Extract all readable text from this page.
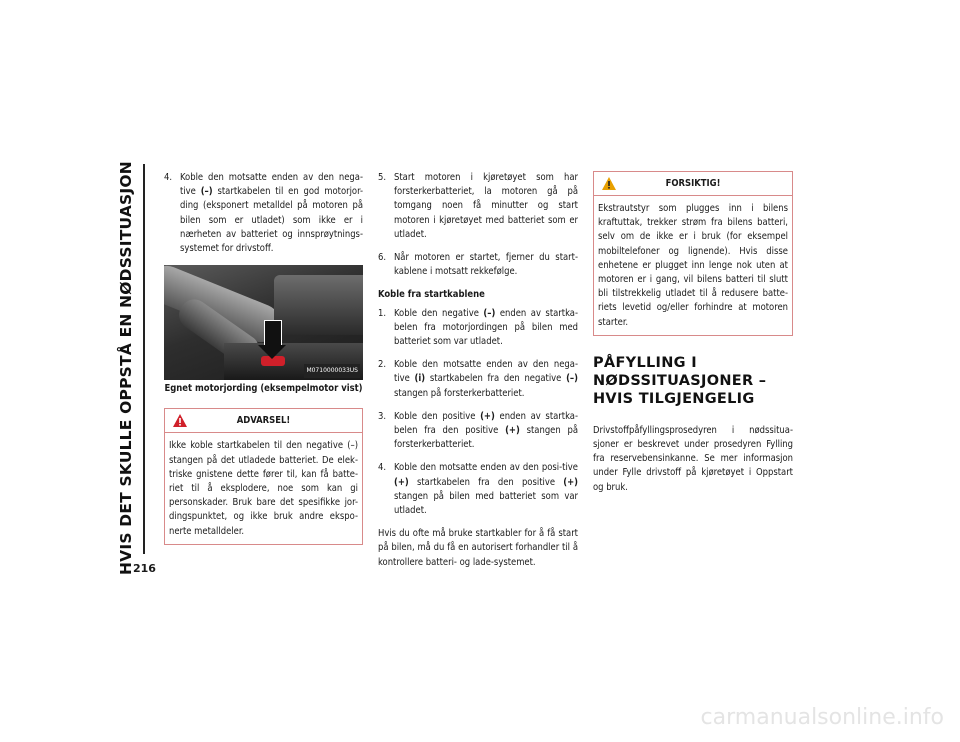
HVIS DET SKULLE OPPSTÅ EN NØDSSITUASJON
216
4. Koble den motsatte enden av den nega-tive (–) startkabelen til en god motorjor-ding (eksponert metalldel på motoren på bilen som er utladet) som ikke er i nærheten av batteriet og innsprøytnings-systemet for drivstoff.
M0710000033US
Egnet motorjording (eksempelmotor vist)
ADVARSEL!
Ikke koble startkabelen til den negative (–) stangen på det utladede batteriet. De elek-triske gnistene dette fører til, kan få batte-riet til å eksplodere, noe som kan gi personskader. Bruk bare det spesifikke jor-dingspunktet, og ikke bruk andre ekspo-nerte metalldeler.
5. Start motoren i kjøretøyet som har forsterkerbatteriet, la motoren gå på tomgang noen få minutter og start motoren i kjøretøyet med batteriet som er utladet.
6. Når motoren er startet, fjerner du start-kablene i motsatt rekkefølge.
Koble fra startkablene
1. Koble den negative (–) enden av startka-belen fra motorjordingen på bilen med batteriet som var utladet.
2. Koble den motsatte enden av den nega-tive (i) startkabelen fra den negative (–) stangen på forsterkerbatteriet.
3. Koble den positive (+) enden av startka-belen fra den positive (+) stangen på forsterkerbatteriet.
4. Koble den motsatte enden av den posi-tive (+) startkabelen fra den positive (+) stangen på bilen med batteriet som var utladet.

Hvis du ofte må bruke startkabler for å få start på bilen, må du få en autorisert forhandler til å kontrollere batteri- og lade-systemet.

FORSIKTIG!
Ekstrautstyr som plugges inn i bilens kraftuttak, trekker strøm fra bilens batteri, selv om de ikke er i bruk (for eksempel mobiltelefoner og lignende). Hvis disse enhetene er plugget inn lenge nok uten at motoren er i gang, vil bilens batteri til slutt bli tilstrekkelig utladet til å redusere batte-riets levetid og/eller forhindre at motoren starter.
PÅFYLLING I NØDSSITUASJONER – HVIS TILGJENGELIG

Drivstoffpåfyllingsprosedyren i nødssitua-sjoner er beskrevet under prosedyren Fylling fra reservebensinkanne. Se mer informasjon under Fylle drivstoff på kjøretøyet i Oppstart og bruk.

carmanualsonline.info
